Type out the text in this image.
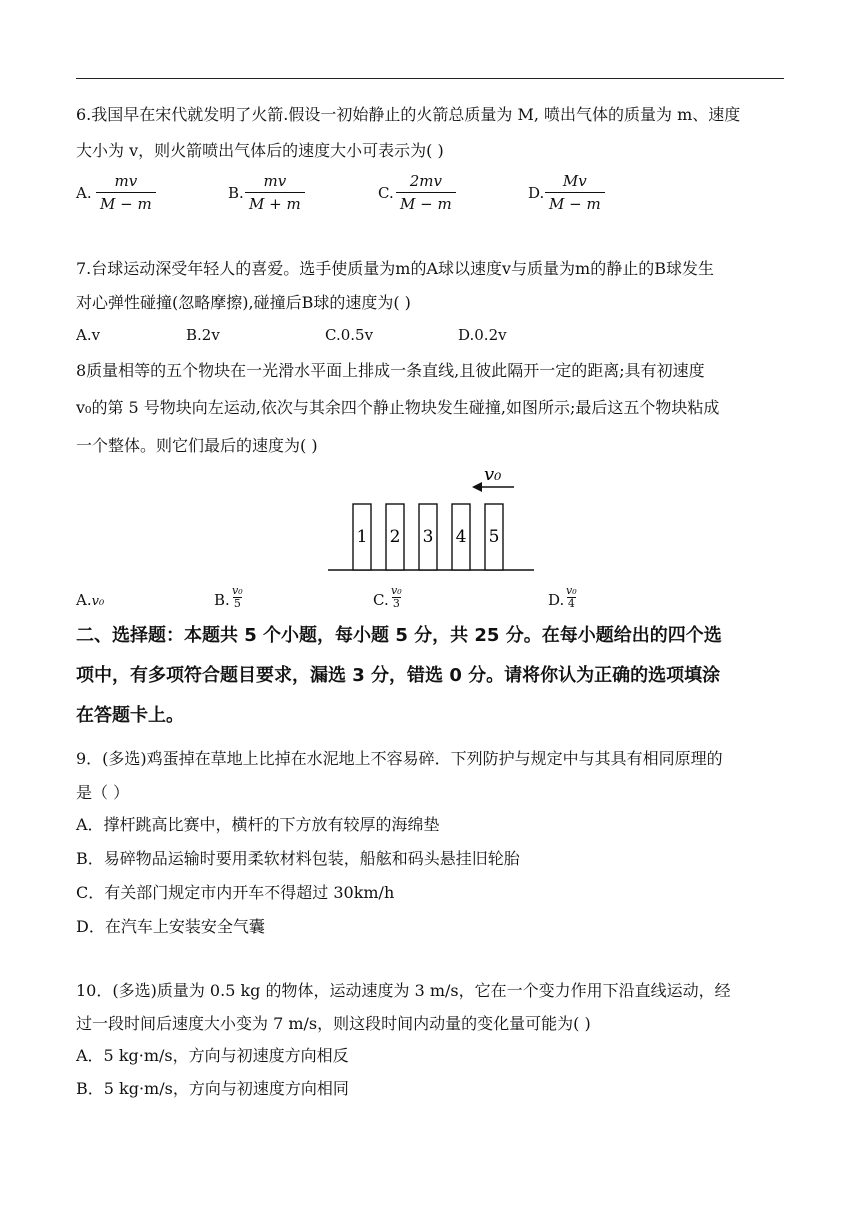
6.我国早在宋代就发明了火箭.假设一初始静止的火箭总质量为 M, 喷出气体的质量为 m、速度
大小为 v，则火箭喷出气体后的速度大小可表示为( )
A. $\frac{mv}{M - m}$	B. $\frac{mv}{M + m}$	C. $\frac{2mv}{M - m}$	D. $\frac{Mv}{M - m}$
7.台球运动深受年轻人的喜爱。选手使质量为m的A球以速度v与质量为m的静止的B球发生
对心弹性碰撞(忽略摩擦),碰撞后B球的速度为( )
A.v	B.2v	C.0.5v	D.0.2v
8质量相等的五个物块在一光滑水平面上排成一条直线,且彼此隔开一定的距离;具有初速度
v₀的第 5 号物块向左运动,依次与其余四个静止物块发生碰撞,如图所示;最后这五个物块粘成
一个整体。则它们最后的速度为( )
1 2 3 4 5
v₀
A.v₀	B. $\frac{\text{v₀}}{5}$	C. $\frac{\text{v₀}}{3}$	D. $\frac{\text{v₀}}{4}$
二、选择题：本题共 5 个小题，每小题 5 分，共 25 分。在每小题给出的四个选
项中，有多项符合题目要求，漏选 3 分，错选 0 分。请将你认为正确的选项填涂
在答题卡上。
9．(多选)鸡蛋掉在草地上比掉在水泥地上不容易碎．下列防护与规定中与其具有相同原理的
是（ ）
A．撑杆跳高比赛中，横杆的下方放有较厚的海绵垫
B．易碎物品运输时要用柔软材料包装，船舷和码头悬挂旧轮胎
C．有关部门规定市内开车不得超过 30km/h
D．在汽车上安装安全气囊
10．(多选)质量为 0.5 kg 的物体，运动速度为 3 m/s，它在一个变力作用下沿直线运动，经
过一段时间后速度大小变为 7 m/s，则这段时间内动量的变化量可能为( )
A．5 kg·m/s，方向与初速度方向相反
B．5 kg·m/s，方向与初速度方向相同
